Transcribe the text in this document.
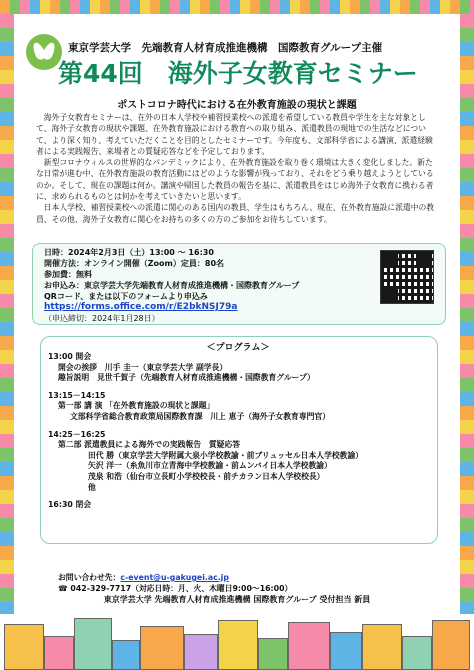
東京学芸大学　先端教育人材育成推進機構　国際教育グループ主催
第44回　海外子女教育セミナー
ポストコロナ時代における在外教育施設の現状と課題

　海外子女教育セミナーは、在外の日本人学校や補習授業校への派遣を希望している教員や学生を主な対象として、海外子女教育の現状や課題、在外教育施設における教育への取り組み、派遣教員の現地での生活などについて、より深く知り、考えていただくことを目的としたセミナーです。今年度も、文部科学省による講演、派遣経験者による実践報告、来場者との質疑応答などを予定しております。

　新型コロナウィルスの世界的なパンデミックにより、在外教育施設を取り巻く環境は大きく変化しました。新たな日常が進む中、在外教育施設の教育活動にはどのような影響が残っており、それをどう乗り越えようとしているのか。そして、現在の課題は何か。講演や帰国した教員の報告を基に、派遣教員をはじめ海外子女教育に携わる者に、求められるものとは何かを考えていきたいと思います。

　日本人学校、補習授業校への派遣に関心のある国内の教員、学生はもちろん、現在、在外教育施設に派遣中の教員、その他、海外子女教育に関心をお持ちの多くの方のご参加をお待ちしています。

日時：2024年2月3日（土）13:00 ～ 16:30
開催方法：オンライン開催（Zoom）定員：80名
参加費：無料
お申込み：東京学芸大学先端教育人材育成推進機構・国際教育グループ
QRコード、または以下のフォームより申込み
https://forms.office.com/r/E2bkNSJ79a
（申込締切：2024年1月28日）
＜プログラム＞
13:00 開会
開会の挨拶　川手 圭一（東京学芸大学 副学長）
趣旨説明　見世千賀子（先端教育人材育成推進機構・国際教育グループ）
13:15－14:15
第一部 講 演 「在外教育施設の現状と課題」
文部科学省総合教育政策局国際教育課　川上 恵子（海外子女教育専門官）
14:25－16:25
第二部 派遣教員による海外での実践報告　質疑応答
田代 勝（東京学芸大学附属大泉小学校教諭・前ブリュッセル日本人学校教諭）
矢沢 洋一（糸魚川市立青海中学校教諭・前ムンバイ日本人学校教諭）
茂泉 和浩（仙台市立長町小学校校長・前チカラン日本人学校校長）
他
16:30 閉会
お問い合わせ先：c-event@u-gakugei.ac.jp
☎ 042-329-7717（対応日時：月、火、木曜日9:00～16:00）
東京学芸大学 先端教育人材育成推進機構 国際教育グループ 受付担当 新員
